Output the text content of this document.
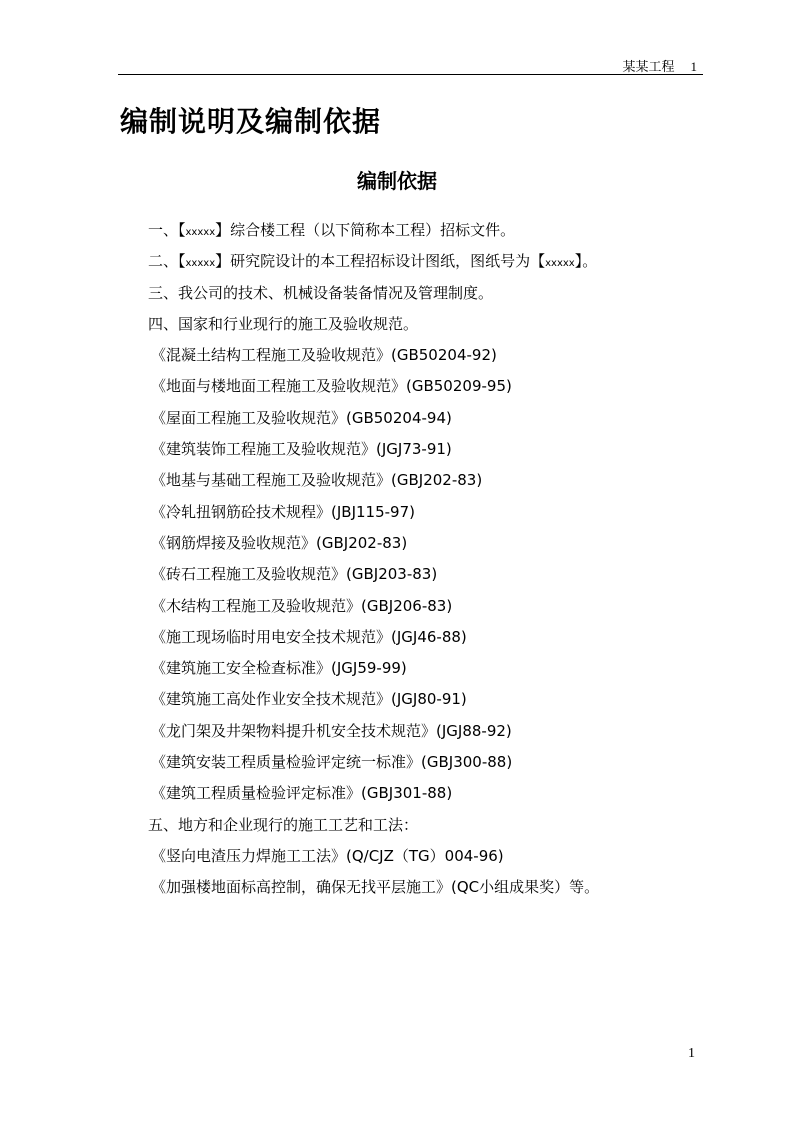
某某工程 1
编制说明及编制依据
编制依据
一、【xxxxx】综合楼工程（以下简称本工程）招标文件。
二、【xxxxx】研究院设计的本工程招标设计图纸，图纸号为【xxxxx】。
三、我公司的技术、机械设备装备情况及管理制度。
四、国家和行业现行的施工及验收规范。
《混凝土结构工程施工及验收规范》(GB50204-92)
《地面与楼地面工程施工及验收规范》(GB50209-95)
《屋面工程施工及验收规范》(GB50204-94)
《建筑装饰工程施工及验收规范》(JGJ73-91)
《地基与基础工程施工及验收规范》(GBJ202-83)
《冷轧扭钢筋砼技术规程》(JBJ115-97)
《钢筋焊接及验收规范》(GBJ202-83)
《砖石工程施工及验收规范》(GBJ203-83)
《木结构工程施工及验收规范》(GBJ206-83)
《施工现场临时用电安全技术规范》(JGJ46-88)
《建筑施工安全检查标准》(JGJ59-99)
《建筑施工高处作业安全技术规范》(JGJ80-91)
《龙门架及井架物料提升机安全技术规范》(JGJ88-92)
《建筑安装工程质量检验评定统一标准》(GBJ300-88)
《建筑工程质量检验评定标准》(GBJ301-88)
五、地方和企业现行的施工工艺和工法：
《竖向电渣压力焊施工工法》(Q/CJZ（TG）004-96)
《加强楼地面标高控制，确保无找平层施工》(QC小组成果奖）等。
1
